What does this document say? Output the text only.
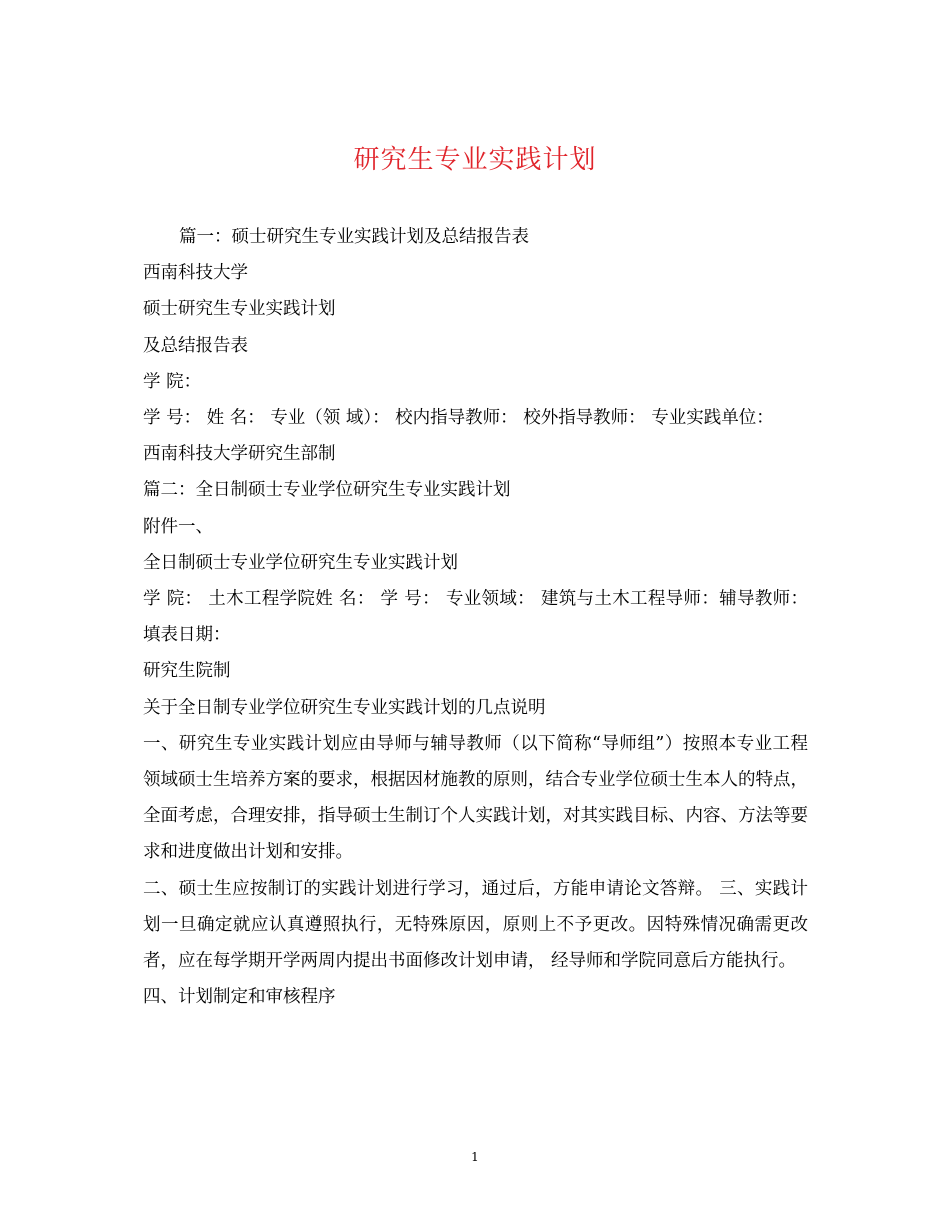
研究生专业实践计划

篇一：硕士研究生专业实践计划及总结报告表

西南科技大学

硕士研究生专业实践计划

及总结报告表

学 院：

学 号： 姓 名： 专业（领 域）： 校内指导教师： 校外指导教师： 专业实践单位：

西南科技大学研究生部制

篇二：全日制硕士专业学位研究生专业实践计划

附件一、

全日制硕士专业学位研究生专业实践计划

学 院： 土木工程学院姓 名： 学 号： 专业领域： 建筑与土木工程导师：辅导教师：填表日期：

研究生院制

关于全日制专业学位研究生专业实践计划的几点说明

一、研究生专业实践计划应由导师与辅导教师（以下简称“导师组”）按照本专业工程领域硕士生培养方案的要求，根据因材施教的原则，结合专业学位硕士生本人的特点，全面考虑，合理安排，指导硕士生制订个人实践计划，对其实践目标、内容、方法等要求和进度做出计划和安排。

二、硕士生应按制订的实践计划进行学习，通过后，方能申请论文答辩。 三、实践计划一旦确定就应认真遵照执行，无特殊原因，原则上不予更改。因特殊情况确需更改者，应在每学期开学两周内提出书面修改计划申请， 经导师和学院同意后方能执行。

四、计划制定和审核程序

1
